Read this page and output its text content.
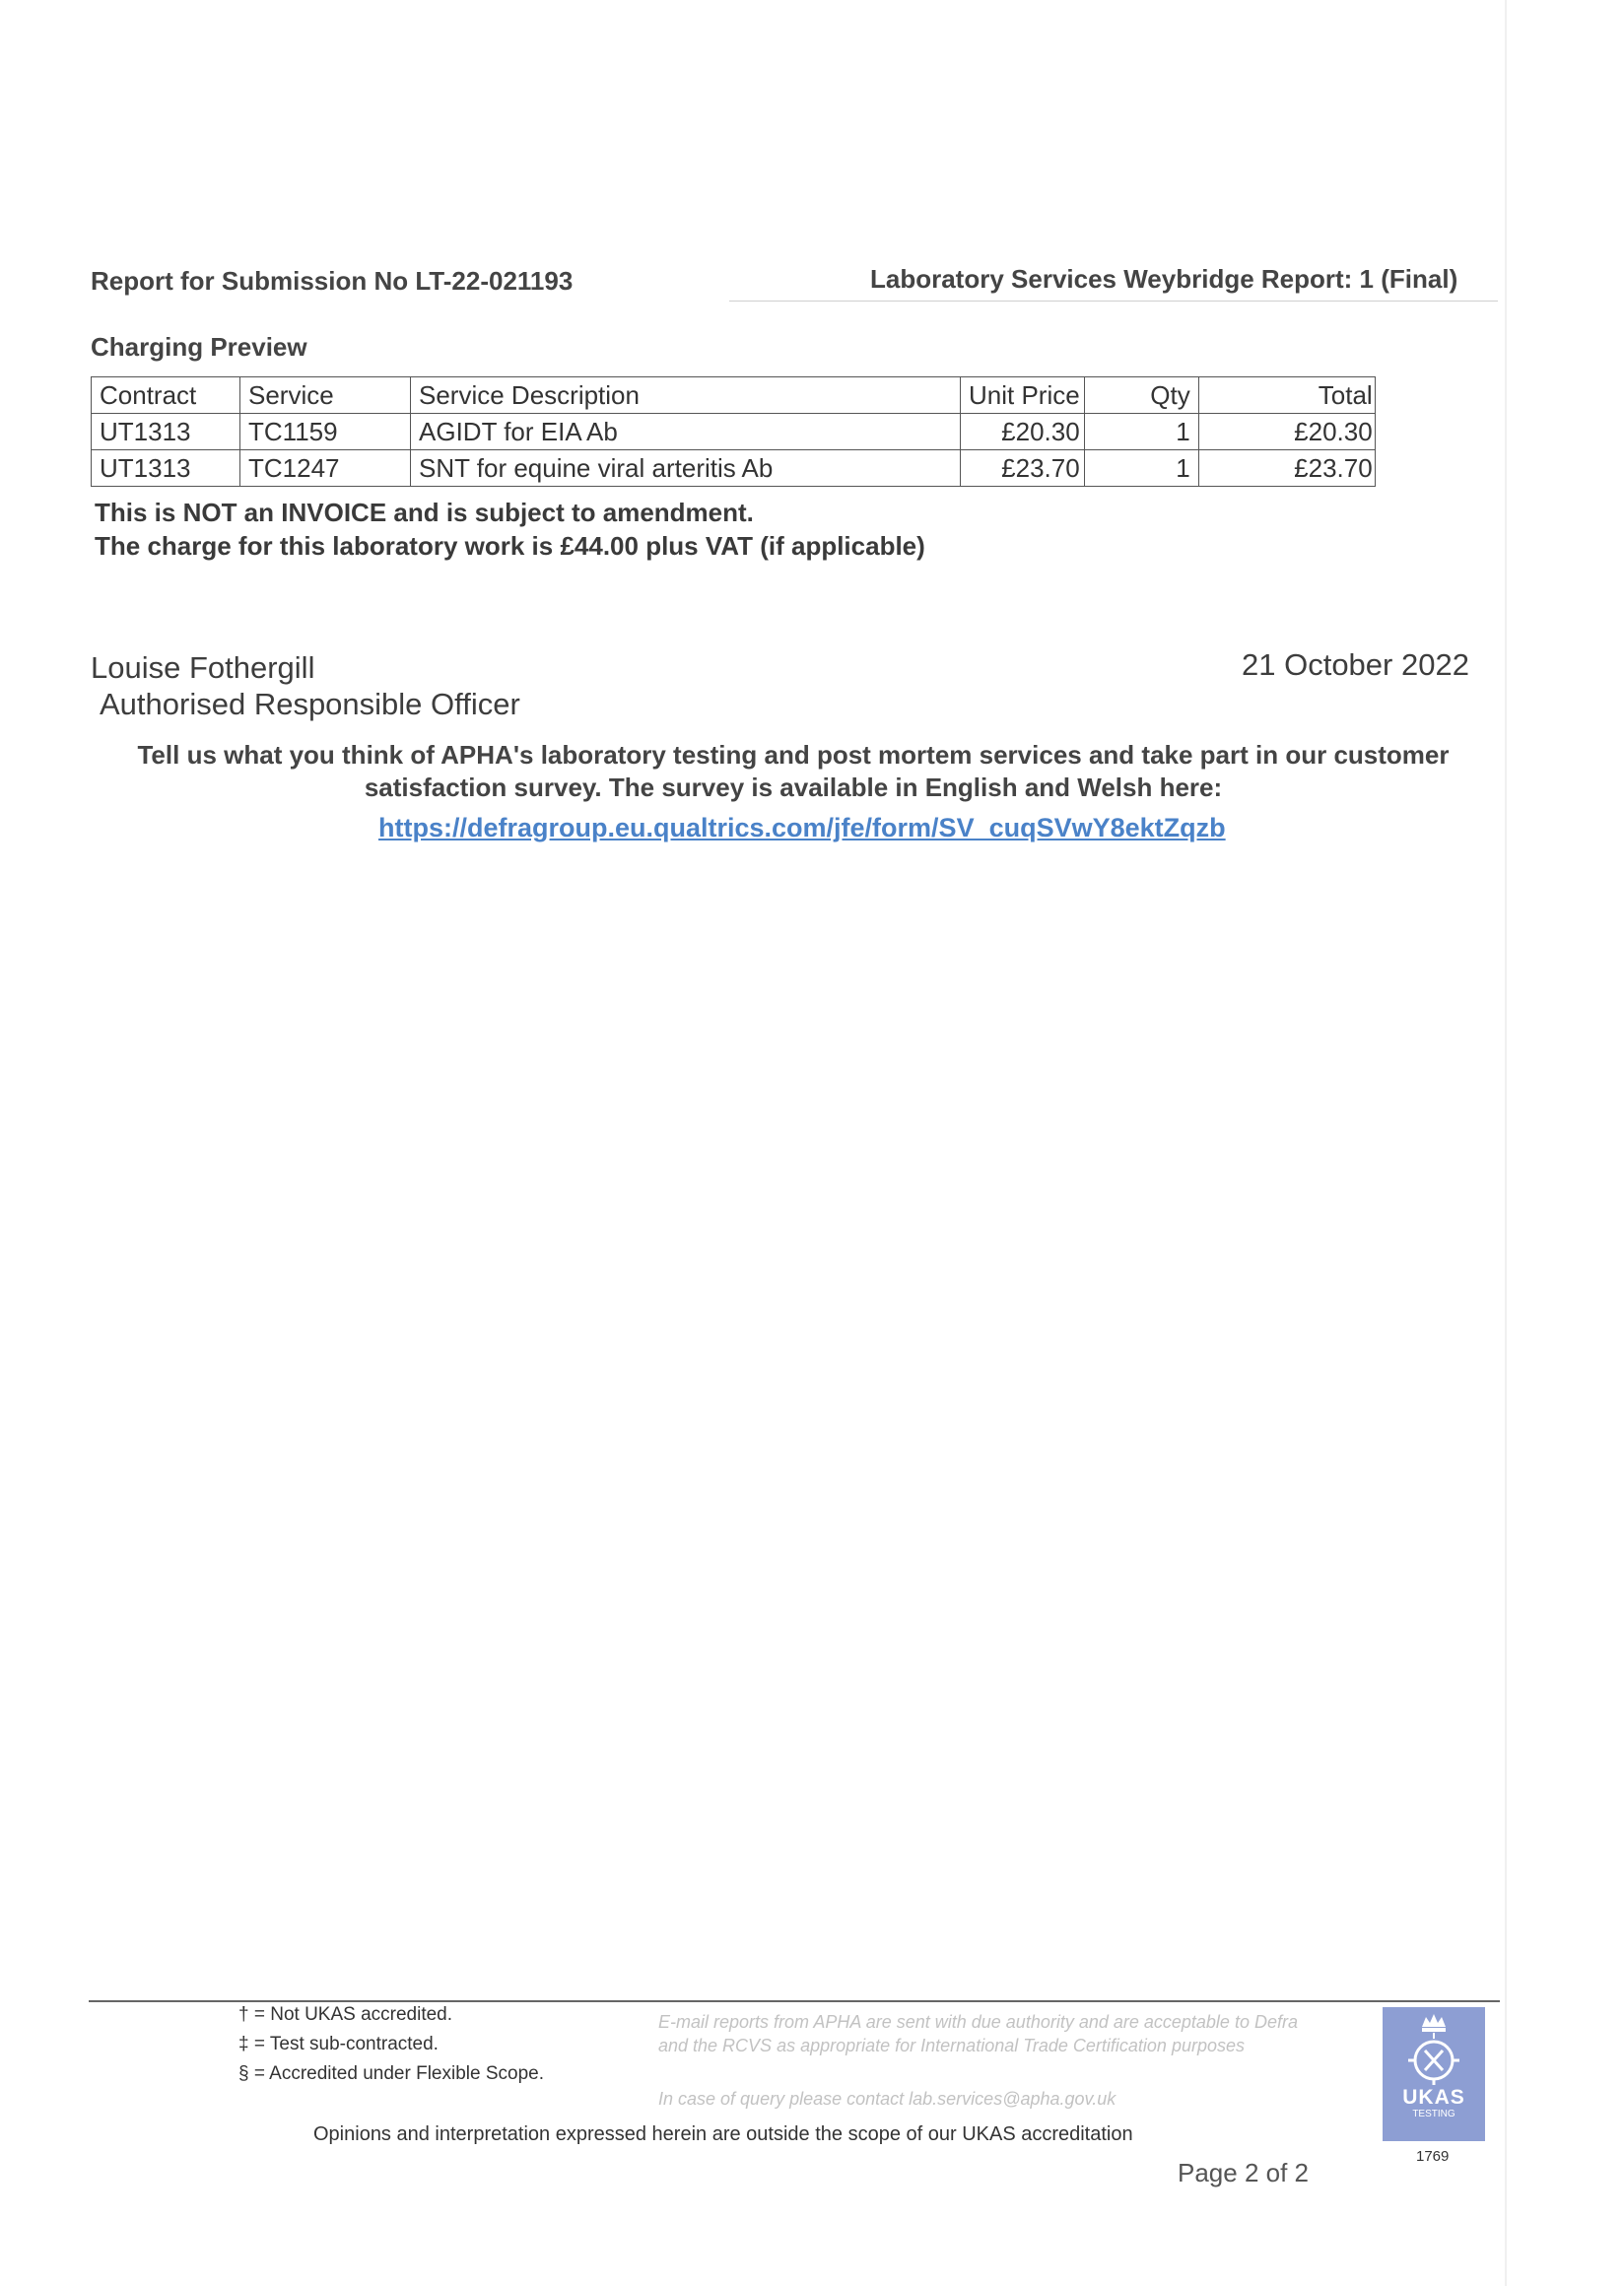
Report for Submission No LT-22-021193	Laboratory Services Weybridge Report: 1 (Final)
Charging Preview
Contract	Service	Service Description	Unit Price	Qty	Total
UT1313	TC1159	AGIDT for EIA Ab	£20.30	1	£20.30
UT1313	TC1247	SNT for equine viral arteritis Ab	£23.70	1	£23.70
This is NOT an INVOICE and is subject to amendment.
The charge for this laboratory work is £44.00 plus VAT (if applicable)
Louise Fothergill
Authorised Responsible Officer
21 October 2022
Tell us what you think of APHA's laboratory testing and post mortem services and take part in our customer
satisfaction survey. The survey is available in English and Welsh here:
https://defragroup.eu.qualtrics.com/jfe/form/SV_cuqSVwY8ektZqzb
† = Not UKAS accredited.
‡ = Test sub-contracted.
§ = Accredited under Flexible Scope.
E-mail reports from APHA are sent with due authority and are acceptable to Defra and the RCVS as appropriate for International Trade Certification purposes
In case of query please contact lab.services@apha.gov.uk
Opinions and interpretation expressed herein are outside the scope of our UKAS accreditation
Page 2 of 2
UKAS
TESTING
1769
